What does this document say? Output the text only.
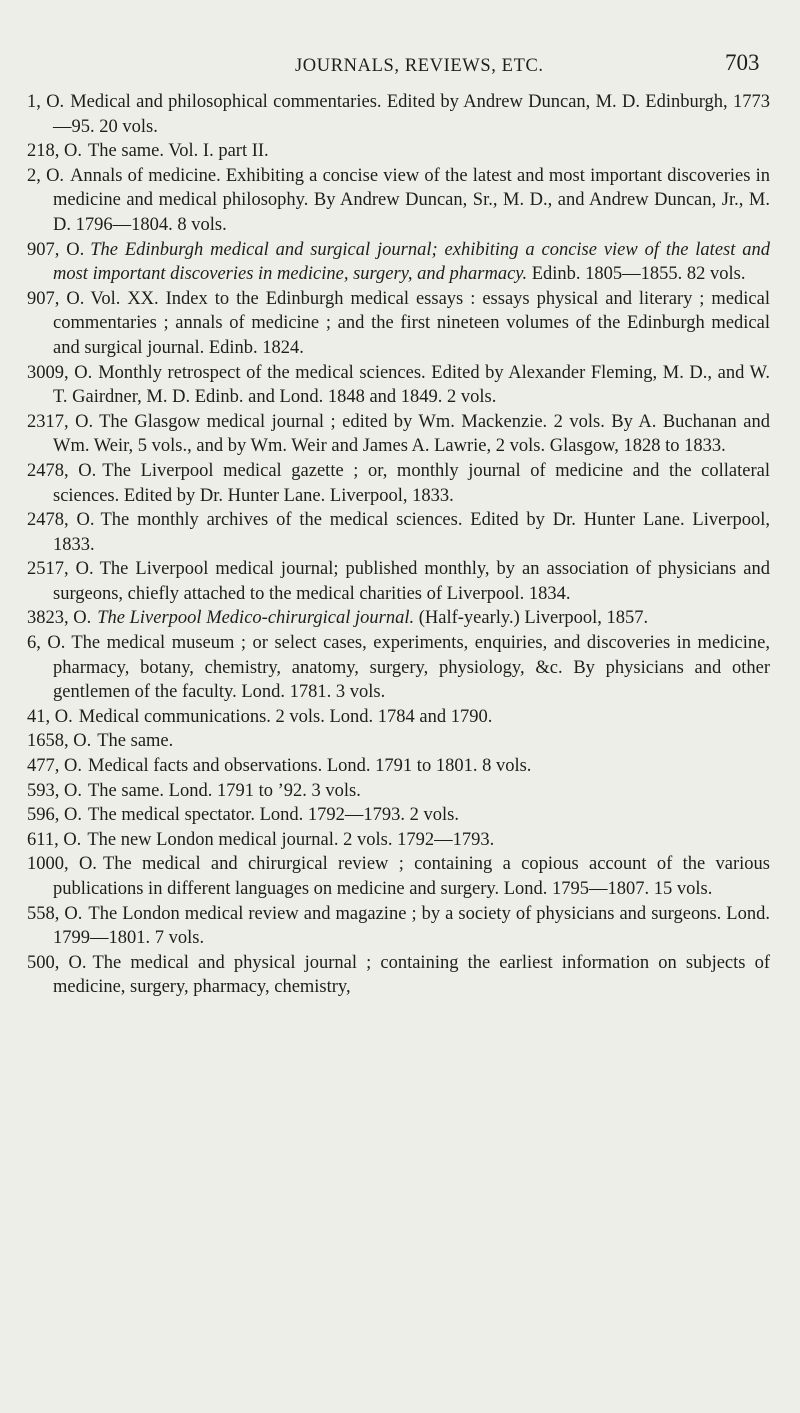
JOURNALS, REVIEWS, ETC.	703

1, O. Medical and philosophical commentaries. Edited by Andrew Duncan, M. D. Edinburgh, 1773—95. 20 vols.

218, O. The same. Vol. I. part II.

2, O. Annals of medicine. Exhibiting a concise view of the latest and most important discoveries in medicine and medical philosophy. By Andrew Duncan, Sr., M. D., and Andrew Duncan, Jr., M. D. 1796—1804. 8 vols.

907, O. The Edinburgh medical and surgical journal; exhibiting a concise view of the latest and most important discoveries in medicine, surgery, and pharmacy. Edinb. 1805—1855. 82 vols.

907, O. Vol. XX. Index to the Edinburgh medical essays : essays physical and literary ; medical commentaries ; annals of medicine ; and the first nineteen volumes of the Edinburgh medical and surgical journal. Edinb. 1824.

3009, O. Monthly retrospect of the medical sciences. Edited by Alexander Fleming, M. D., and W. T. Gairdner, M. D. Edinb. and Lond. 1848 and 1849. 2 vols.

2317, O. The Glasgow medical journal ; edited by Wm. Mackenzie. 2 vols. By A. Buchanan and Wm. Weir, 5 vols., and by Wm. Weir and James A. Lawrie, 2 vols. Glasgow, 1828 to 1833.

2478, O. The Liverpool medical gazette ; or, monthly journal of medicine and the collateral sciences. Edited by Dr. Hunter Lane. Liverpool, 1833.

2478, O. The monthly archives of the medical sciences. Edited by Dr. Hunter Lane. Liverpool, 1833.

2517, O. The Liverpool medical journal; published monthly, by an association of physicians and surgeons, chiefly attached to the medical charities of Liverpool. 1834.

3823, O. The Liverpool Medico-chirurgical journal. (Half-yearly.) Liverpool, 1857.

6, O. The medical museum ; or select cases, experiments, enquiries, and discoveries in medicine, pharmacy, botany, chemistry, anatomy, surgery, physiology, &c. By physicians and other gentlemen of the faculty. Lond. 1781. 3 vols.

41, O. Medical communications. 2 vols. Lond. 1784 and 1790.

1658, O. The same.

477, O. Medical facts and observations. Lond. 1791 to 1801. 8 vols.

593, O. The same. Lond. 1791 to ’92. 3 vols.

596, O. The medical spectator. Lond. 1792—1793. 2 vols.

611, O. The new London medical journal. 2 vols. 1792—1793.

1000, O. The medical and chirurgical review ; containing a copious account of the various publications in different languages on medicine and surgery. Lond. 1795—1807. 15 vols.

558, O. The London medical review and magazine ; by a society of physicians and surgeons. Lond. 1799—1801. 7 vols.

500, O. The medical and physical journal ; containing the earliest information on subjects of medicine, surgery, pharmacy, chemistry,
